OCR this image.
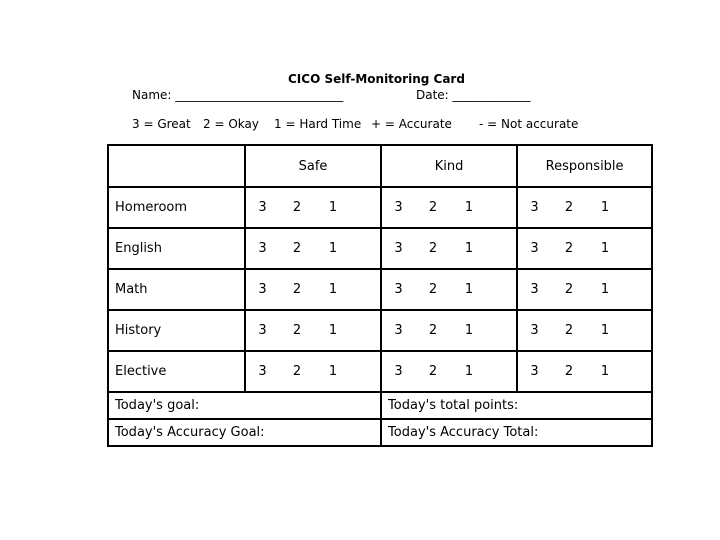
CICO Self-Monitoring Card
Name: ____________________________	Date: _____________
3 = Great 2 = Okay 1 = Hard Time + = Accurate - = Not accurate
	Safe				Kind				Responsible			
Homeroom	3	2	1		3	2	1		3	2	1	
English	3	2	1		3	2	1		3	2	1	
Math	3	2	1		3	2	1		3	2	1	
History	3	2	1		3	2	1		3	2	1	
Elective	3	2	1		3	2	1		3	2	1	
Today's goal:					Today's total points:							
Today's Accuracy Goal:					Today's Accuracy Total:							
